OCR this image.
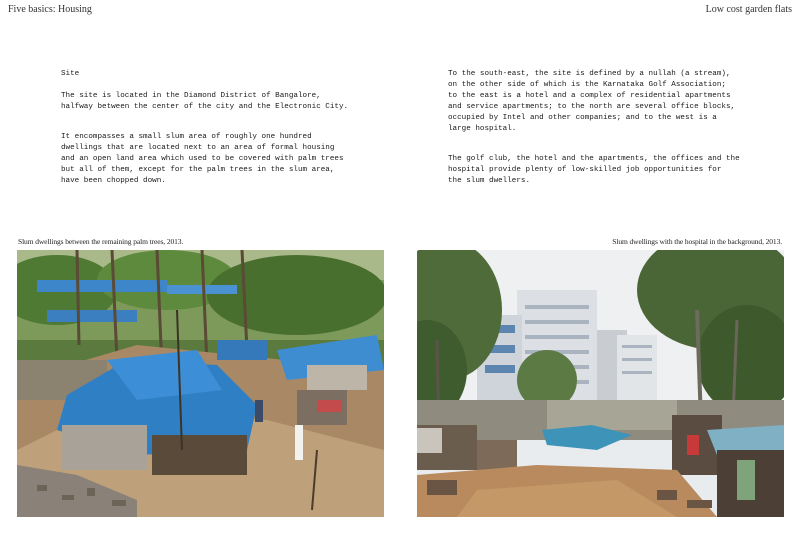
Five basics: Housing	Low cost garden flats

Site

The site is located in the Diamond District of Bangalore,
halfway between the center of the city and the Electronic City.

It encompasses a small slum area of roughly one hundred
dwellings that are located next to an area of formal housing
and an open land area which used to be covered with palm trees
but all of them, except for the palm trees in the slum area,
have been chopped down.

To the south-east, the site is defined by a nullah (a stream),
on the other side of which is the Karnataka Golf Association;
to the east is a hotel and a complex of residential apartments
and service apartments; to the north are several office blocks,
occupied by Intel and other companies; and to the west is a
large hospital.

The golf club, the hotel and the apartments, the offices and the
hospital provide plenty of low-skilled job opportunities for
the slum dwellers.

Slum dwellings between the remaining palm trees, 2013.	Slum dwellings with the hospital in the background, 2013.
